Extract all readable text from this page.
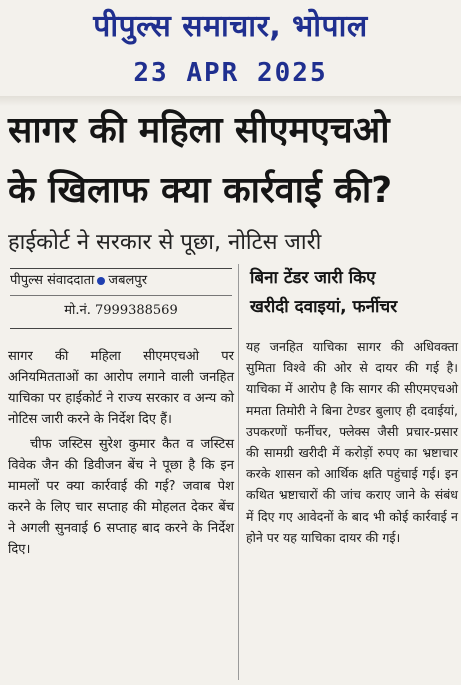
पीपुल्स समाचार, भोपाल
23 APR 2025
सागर की महिला सीएमएचओ
के खिलाफ क्या कार्रवाई की?
हाईकोर्ट ने सरकार से पूछा, नोटिस जारी
पीपुल्स संवाददाता जबलपुर
मो.नं. 7999388569

सागर की महिला सीएमएचओ पर अनियमितताओं का आरोप लगाने वाली जनहित याचिका पर हाईकोर्ट ने राज्य सरकार व अन्य को नोटिस जारी करने के निर्देश दिए हैं।

चीफ जस्टिस सुरेश कुमार कैत व जस्टिस विवेक जैन की डिवीजन बेंच ने पूछा है कि इन मामलों पर क्या कार्रवाई की गई? जवाब पेश करने के लिए चार सप्ताह की मोहलत देकर बेंच ने अगली सुनवाई 6 सप्ताह बाद करने के निर्देश दिए।

बिना टेंडर जारी किए
खरीदी दवाइयां, फर्नीचर

यह जनहित याचिका सागर की अधिवक्ता सुमिता विश्वे की ओर से दायर की गई है। याचिका में आरोप है कि सागर की सीएमएचओ ममता तिमोरी ने बिना टेण्डर बुलाए ही दवाईयां, उपकरणों फर्नीचर, फ्लेक्स जैसी प्रचार-प्रसार की सामग्री खरीदी में करोड़ों रुपए का भ्रष्टाचार करके शासन को आर्थिक क्षति पहुंचाई गई। इन कथित भ्रष्टाचारों की जांच कराए जाने के संबंध में दिए गए आवेदनों के बाद भी कोई कार्रवाई न होने पर यह याचिका दायर की गई।
